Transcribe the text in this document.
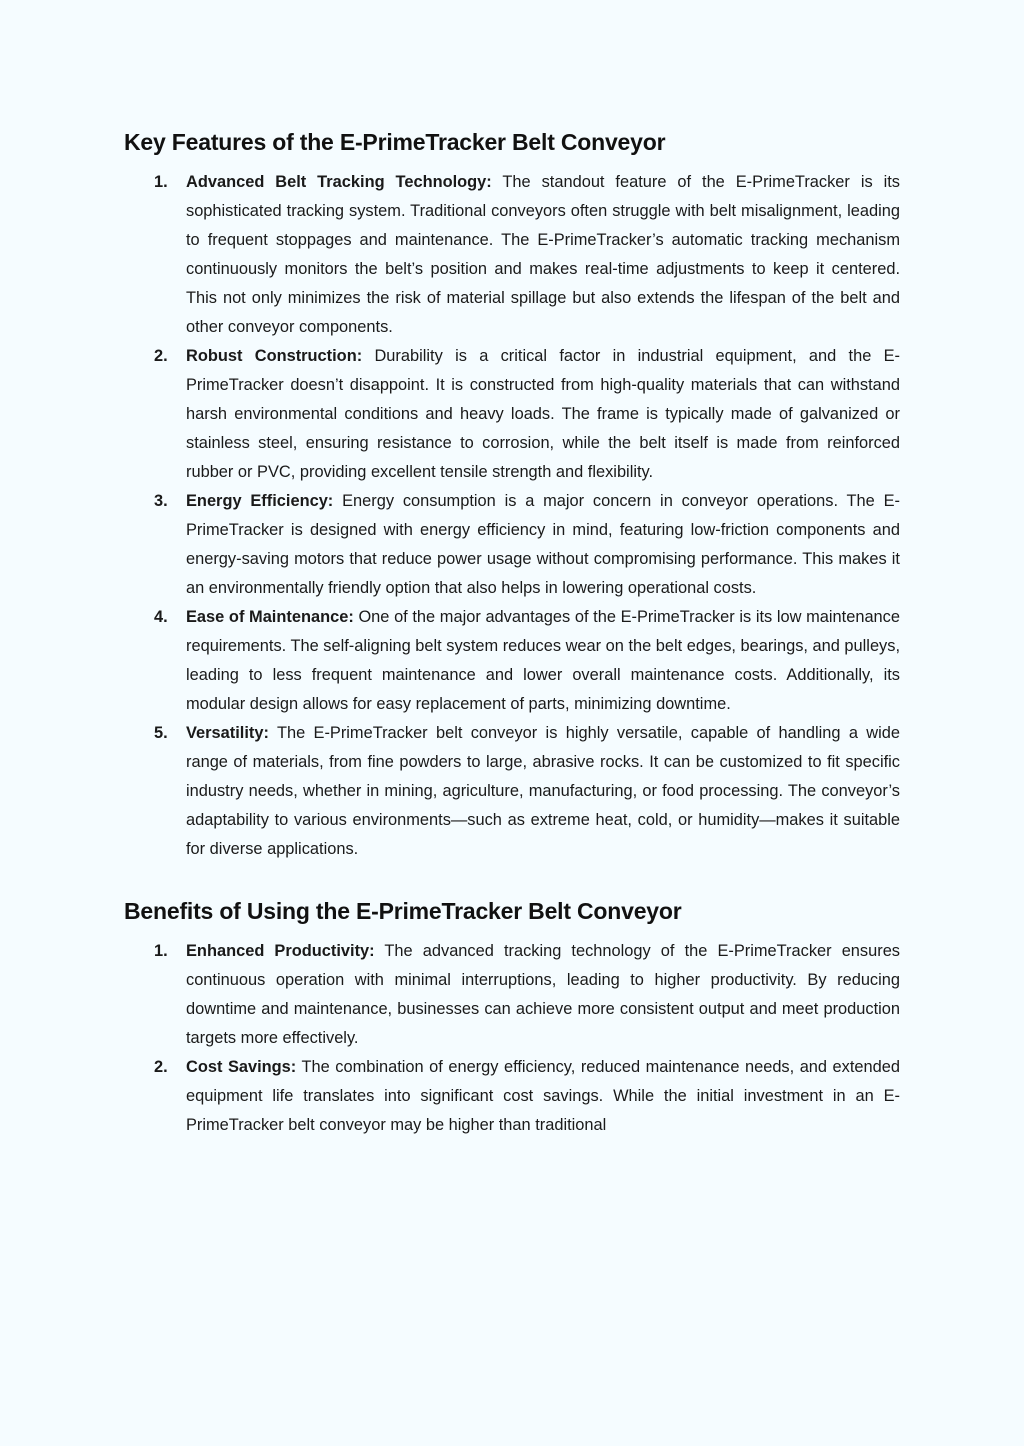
Key Features of the E-PrimeTracker Belt Conveyor
1. Advanced Belt Tracking Technology: The standout feature of the E-PrimeTracker is its sophisticated tracking system. Traditional conveyors often struggle with belt misalignment, leading to frequent stoppages and maintenance. The E-PrimeTracker’s automatic tracking mechanism continuously monitors the belt’s position and makes real-time adjustments to keep it centered. This not only minimizes the risk of material spillage but also extends the lifespan of the belt and other conveyor components.
2. Robust Construction: Durability is a critical factor in industrial equipment, and the E-PrimeTracker doesn’t disappoint. It is constructed from high-quality materials that can withstand harsh environmental conditions and heavy loads. The frame is typically made of galvanized or stainless steel, ensuring resistance to corrosion, while the belt itself is made from reinforced rubber or PVC, providing excellent tensile strength and flexibility.
3. Energy Efficiency: Energy consumption is a major concern in conveyor operations. The E-PrimeTracker is designed with energy efficiency in mind, featuring low-friction components and energy-saving motors that reduce power usage without compromising performance. This makes it an environmentally friendly option that also helps in lowering operational costs.
4. Ease of Maintenance: One of the major advantages of the E-PrimeTracker is its low maintenance requirements. The self-aligning belt system reduces wear on the belt edges, bearings, and pulleys, leading to less frequent maintenance and lower overall maintenance costs. Additionally, its modular design allows for easy replacement of parts, minimizing downtime.
5. Versatility: The E-PrimeTracker belt conveyor is highly versatile, capable of handling a wide range of materials, from fine powders to large, abrasive rocks. It can be customized to fit specific industry needs, whether in mining, agriculture, manufacturing, or food processing. The conveyor’s adaptability to various environments—such as extreme heat, cold, or humidity—makes it suitable for diverse applications.
Benefits of Using the E-PrimeTracker Belt Conveyor
1. Enhanced Productivity: The advanced tracking technology of the E-PrimeTracker ensures continuous operation with minimal interruptions, leading to higher productivity. By reducing downtime and maintenance, businesses can achieve more consistent output and meet production targets more effectively.
2. Cost Savings: The combination of energy efficiency, reduced maintenance needs, and extended equipment life translates into significant cost savings. While the initial investment in an E-PrimeTracker belt conveyor may be higher than traditional
